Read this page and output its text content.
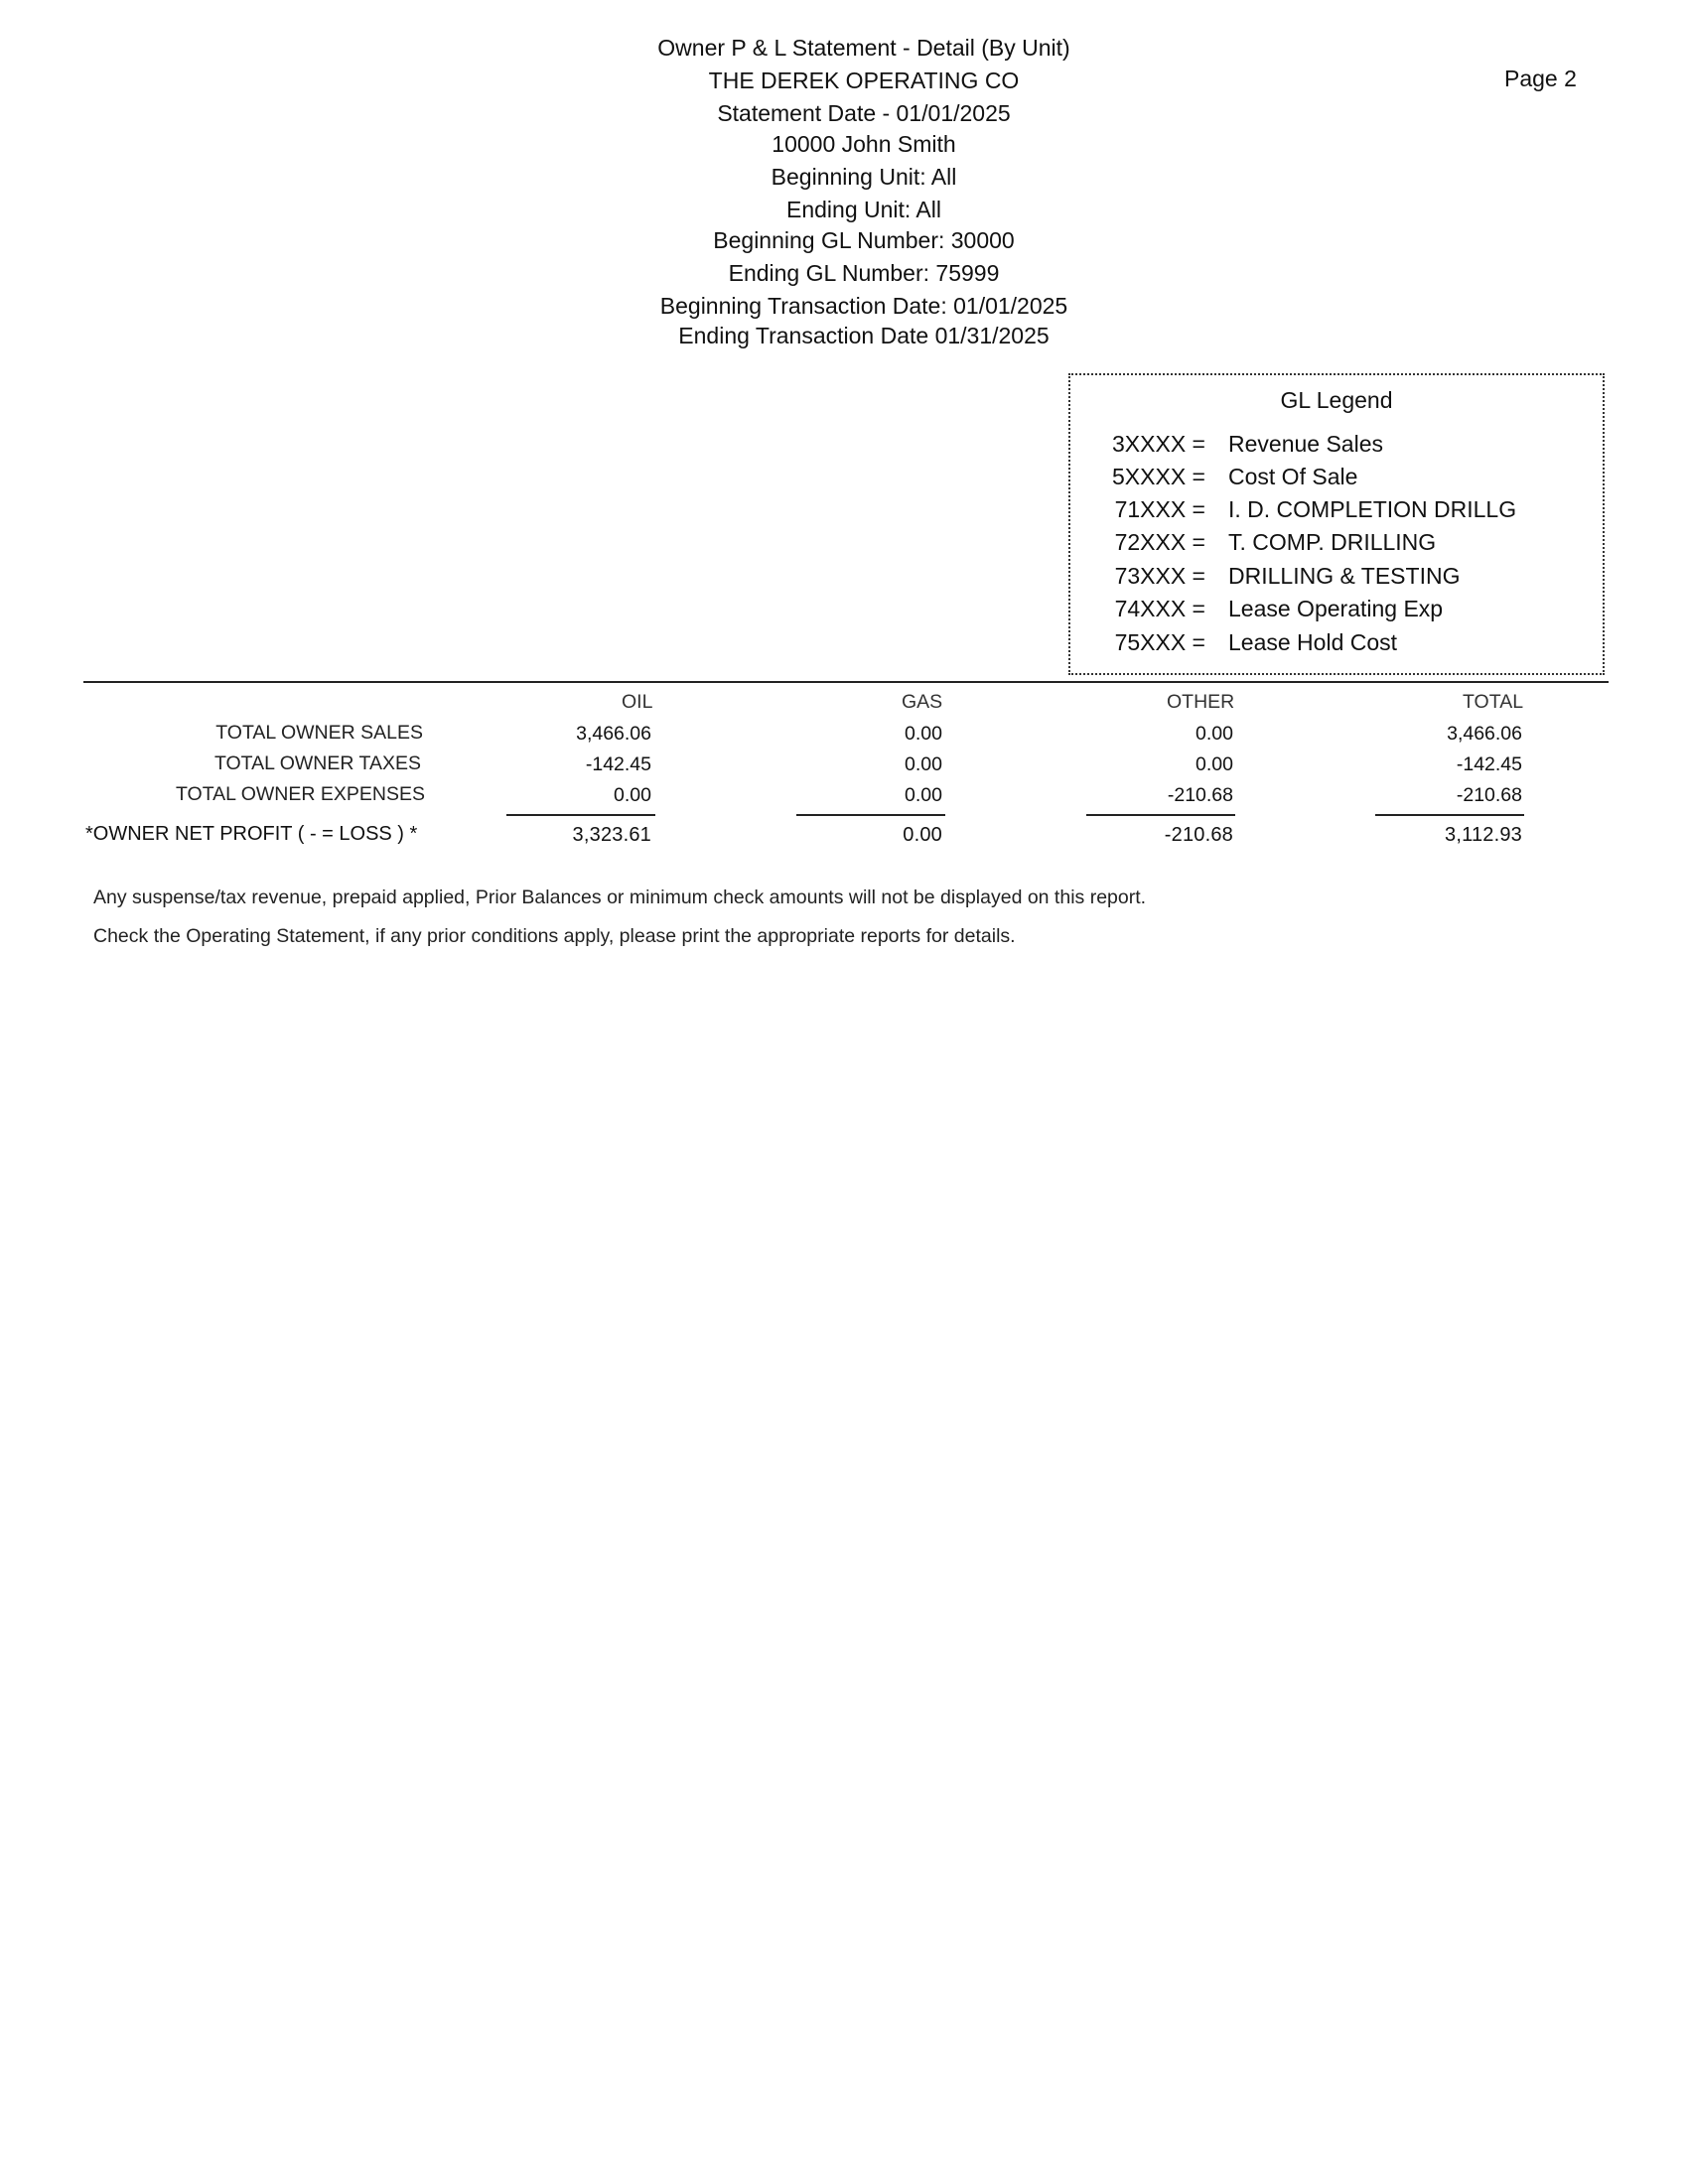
Owner P & L Statement - Detail (By Unit)
THE DEREK OPERATING CO
Statement Date - 01/01/2025
10000 John Smith
Beginning Unit: All
Ending Unit: All
Beginning GL Number: 30000
Ending GL Number: 75999
Beginning Transaction Date: 01/01/2025
Ending Transaction Date 01/31/2025
Page 2
GL Legend
3XXXX = Revenue Sales
5XXXX = Cost Of Sale
71XXX = I. D. COMPLETION DRILLG
72XXX = T. COMP. DRILLING
73XXX = DRILLING & TESTING
74XXX = Lease Operating Exp
75XXX = Lease Hold Cost
OIL	GAS	OTHER	TOTAL
TOTAL OWNER SALES	3,466.06	0.00	0.00	3,466.06
TOTAL OWNER TAXES	-142.45	0.00	0.00	-142.45
TOTAL OWNER EXPENSES	0.00	0.00	-210.68	-210.68
*OWNER NET PROFIT ( - = LOSS ) *	3,323.61	0.00	-210.68	3,112.93
Any suspense/tax revenue, prepaid applied, Prior Balances or minimum check amounts will not be displayed on this report.
Check the Operating Statement, if any prior conditions apply, please print the appropriate reports for details.
